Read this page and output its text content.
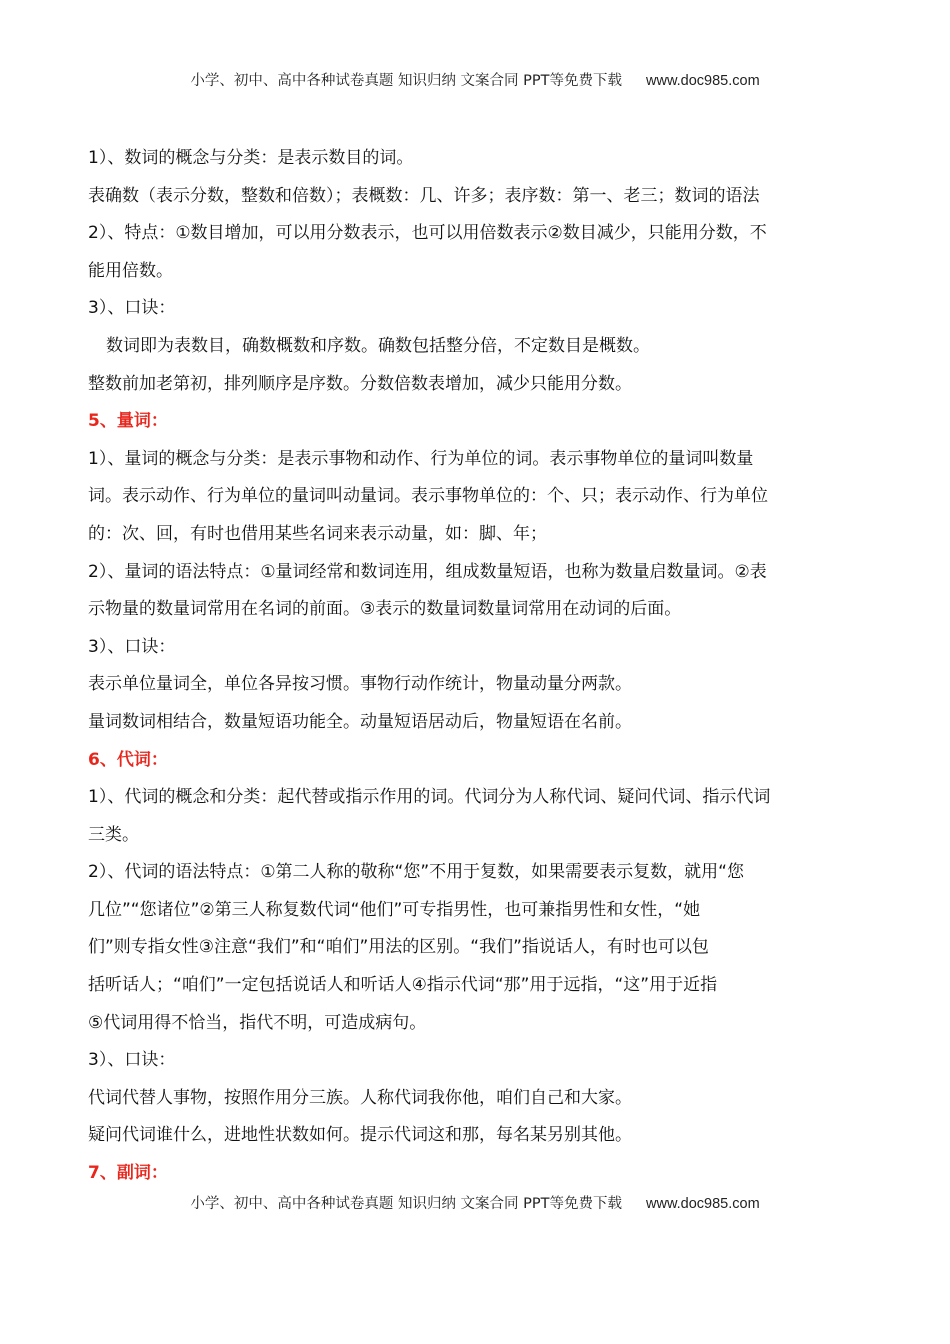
小学、初中、高中各种试卷真题 知识归纳 文案合同 PPT等免费下载 www.doc985.com
1）、数词的概念与分类：是表示数目的词。
表确数（表示分数，整数和倍数）；表概数：几、许多；表序数：第一、老三；数词的语法
2）、特点：①数目增加，可以用分数表示，也可以用倍数表示②数目减少，只能用分数，不
能用倍数。
3）、口诀：
数词即为表数目，确数概数和序数。确数包括整分倍，不定数目是概数。
整数前加老第初，排列顺序是序数。分数倍数表增加，减少只能用分数。
5、量词：
1）、量词的概念与分类：是表示事物和动作、行为单位的词。表示事物单位的量词叫数量
词。表示动作、行为单位的量词叫动量词。表示事物单位的：个、只；表示动作、行为单位
的：次、回，有时也借用某些名词来表示动量，如：脚、年；
2）、量词的语法特点：①量词经常和数词连用，组成数量短语，也称为数量启数量词。②表
示物量的数量词常用在名词的前面。③表示的数量词数量词常用在动词的后面。
3）、口诀：
表示单位量词全，单位各异按习惯。事物行动作统计，物量动量分两款。
量词数词相结合，数量短语功能全。动量短语居动后，物量短语在名前。
6、代词：
1）、代词的概念和分类：起代替或指示作用的词。代词分为人称代词、疑问代词、指示代词
三类。
2）、代词的语法特点：①第二人称的敬称“您”不用于复数，如果需要表示复数，就用“您
几位”“您诸位”②第三人称复数代词“他们”可专指男性，也可兼指男性和女性，“她
们”则专指女性③注意“我们”和“咱们”用法的区别。“我们”指说话人，有时也可以包
括听话人；“咱们”一定包括说话人和听话人④指示代词“那”用于远指，“这”用于近指
⑤代词用得不恰当，指代不明，可造成病句。
3）、口诀：
代词代替人事物，按照作用分三族。人称代词我你他，咱们自己和大家。
疑问代词谁什么，进地性状数如何。提示代词这和那，每名某另别其他。
7、副词：
小学、初中、高中各种试卷真题 知识归纳 文案合同 PPT等免费下载 www.doc985.com
